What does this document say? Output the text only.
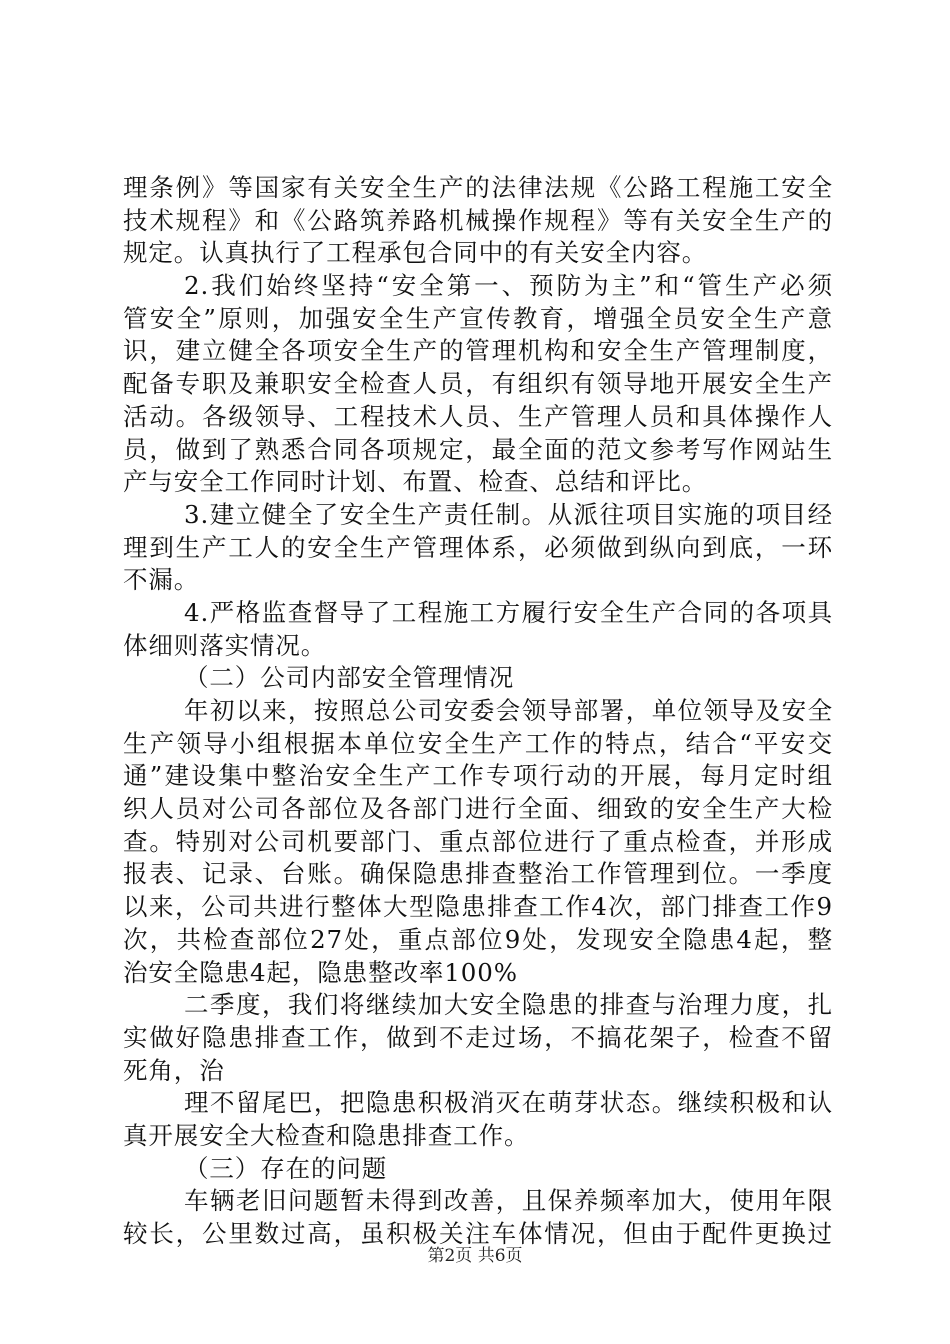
理条例》等国家有关安全生产的法律法规《公路工程施工安全
技术规程》和《公路筑养路机械操作规程》等有关安全生产的
规定。认真执行了工程承包合同中的有关安全内容。
2.我们始终坚持“安全第一、预防为主”和“管生产必须
管安全”原则，加强安全生产宣传教育，增强全员安全生产意
识，建立健全各项安全生产的管理机构和安全生产管理制度，
配备专职及兼职安全检查人员，有组织有领导地开展安全生产
活动。各级领导、工程技术人员、生产管理人员和具体操作人
员，做到了熟悉合同各项规定，最全面的范文参考写作网站生
产与安全工作同时计划、布置、检查、总结和评比。
3.建立健全了安全生产责任制。从派往项目实施的项目经
理到生产工人的安全生产管理体系，必须做到纵向到底，一环
不漏。
4.严格监查督导了工程施工方履行安全生产合同的各项具
体细则落实情况。
（二）公司内部安全管理情况
年初以来，按照总公司安委会领导部署，单位领导及安全
生产领导小组根据本单位安全生产工作的特点，结合“平安交
通”建设集中整治安全生产工作专项行动的开展，每月定时组
织人员对公司各部位及各部门进行全面、细致的安全生产大检
查。特别对公司机要部门、重点部位进行了重点检查，并形成
报表、记录、台账。确保隐患排查整治工作管理到位。一季度
以来，公司共进行整体大型隐患排查工作4次，部门排查工作9
次，共检查部位27处，重点部位9处，发现安全隐患4起，整
治安全隐患4起，隐患整改率100%
二季度，我们将继续加大安全隐患的排查与治理力度，扎
实做好隐患排查工作，做到不走过场，不搞花架子，检查不留
死角，治
理不留尾巴，把隐患积极消灭在萌芽状态。继续积极和认
真开展安全大检查和隐患排查工作。
（三）存在的问题
车辆老旧问题暂未得到改善，且保养频率加大，使用年限
较长，公里数过高，虽积极关注车体情况，但由于配件更换过
第2页 共6页
